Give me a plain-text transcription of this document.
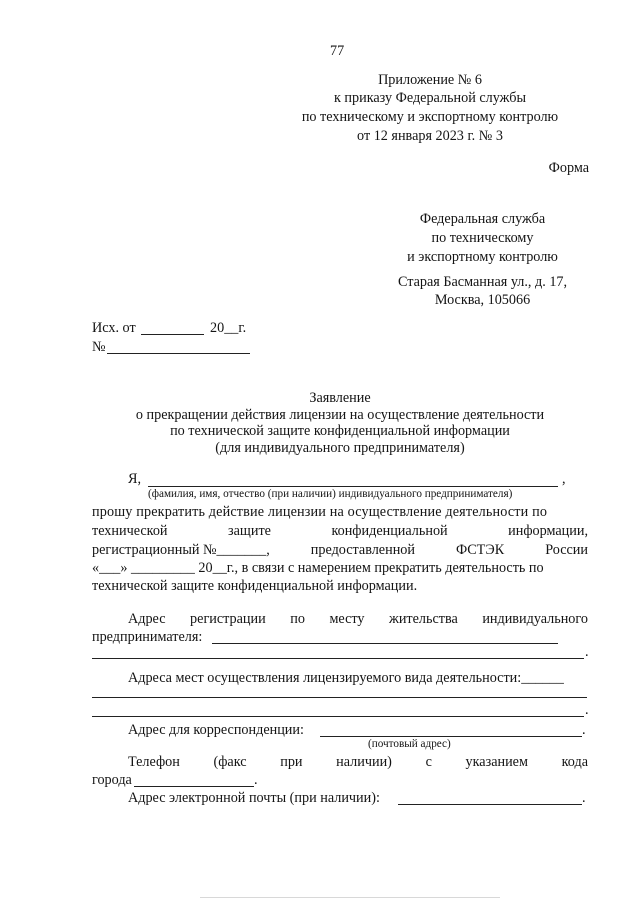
77
Приложение № 6
к приказу Федеральной службы
по техническому и экспортному контролю
от 12 января 2023 г. № 3
Форма
Федеральная служба
по техническому
и экспортному контролю
Старая Басманная ул., д. 17,
Москва, 105066
Исх. от	20__г.
№
Заявление
о прекращении действия лицензии на осуществление деятельности
по технической защите конфиденциальной информации
(для индивидуального предпринимателя)
Я,	,
(фамилия, имя, отчество (при наличии) индивидуального предпринимателя)
прошу прекратить действие лицензии на осуществление деятельности по
технической	защите	конфиденциальной	информации,
регистрационный №_______,	предоставленной	ФСТЭК	России
«___» _________ 20__г., в связи с намерением прекратить деятельность по
технической защите конфиденциальной информации.
Адрес регистрации по месту жительства индивидуального
предпринимателя:
.
Адреса мест осуществления лицензируемого вида деятельности:______
.
Адрес для корреспонденции:	.
(почтовый адрес)
Телефон (факс при наличии) с указанием кода
города	.
Адрес электронной почты (при наличии):	.
